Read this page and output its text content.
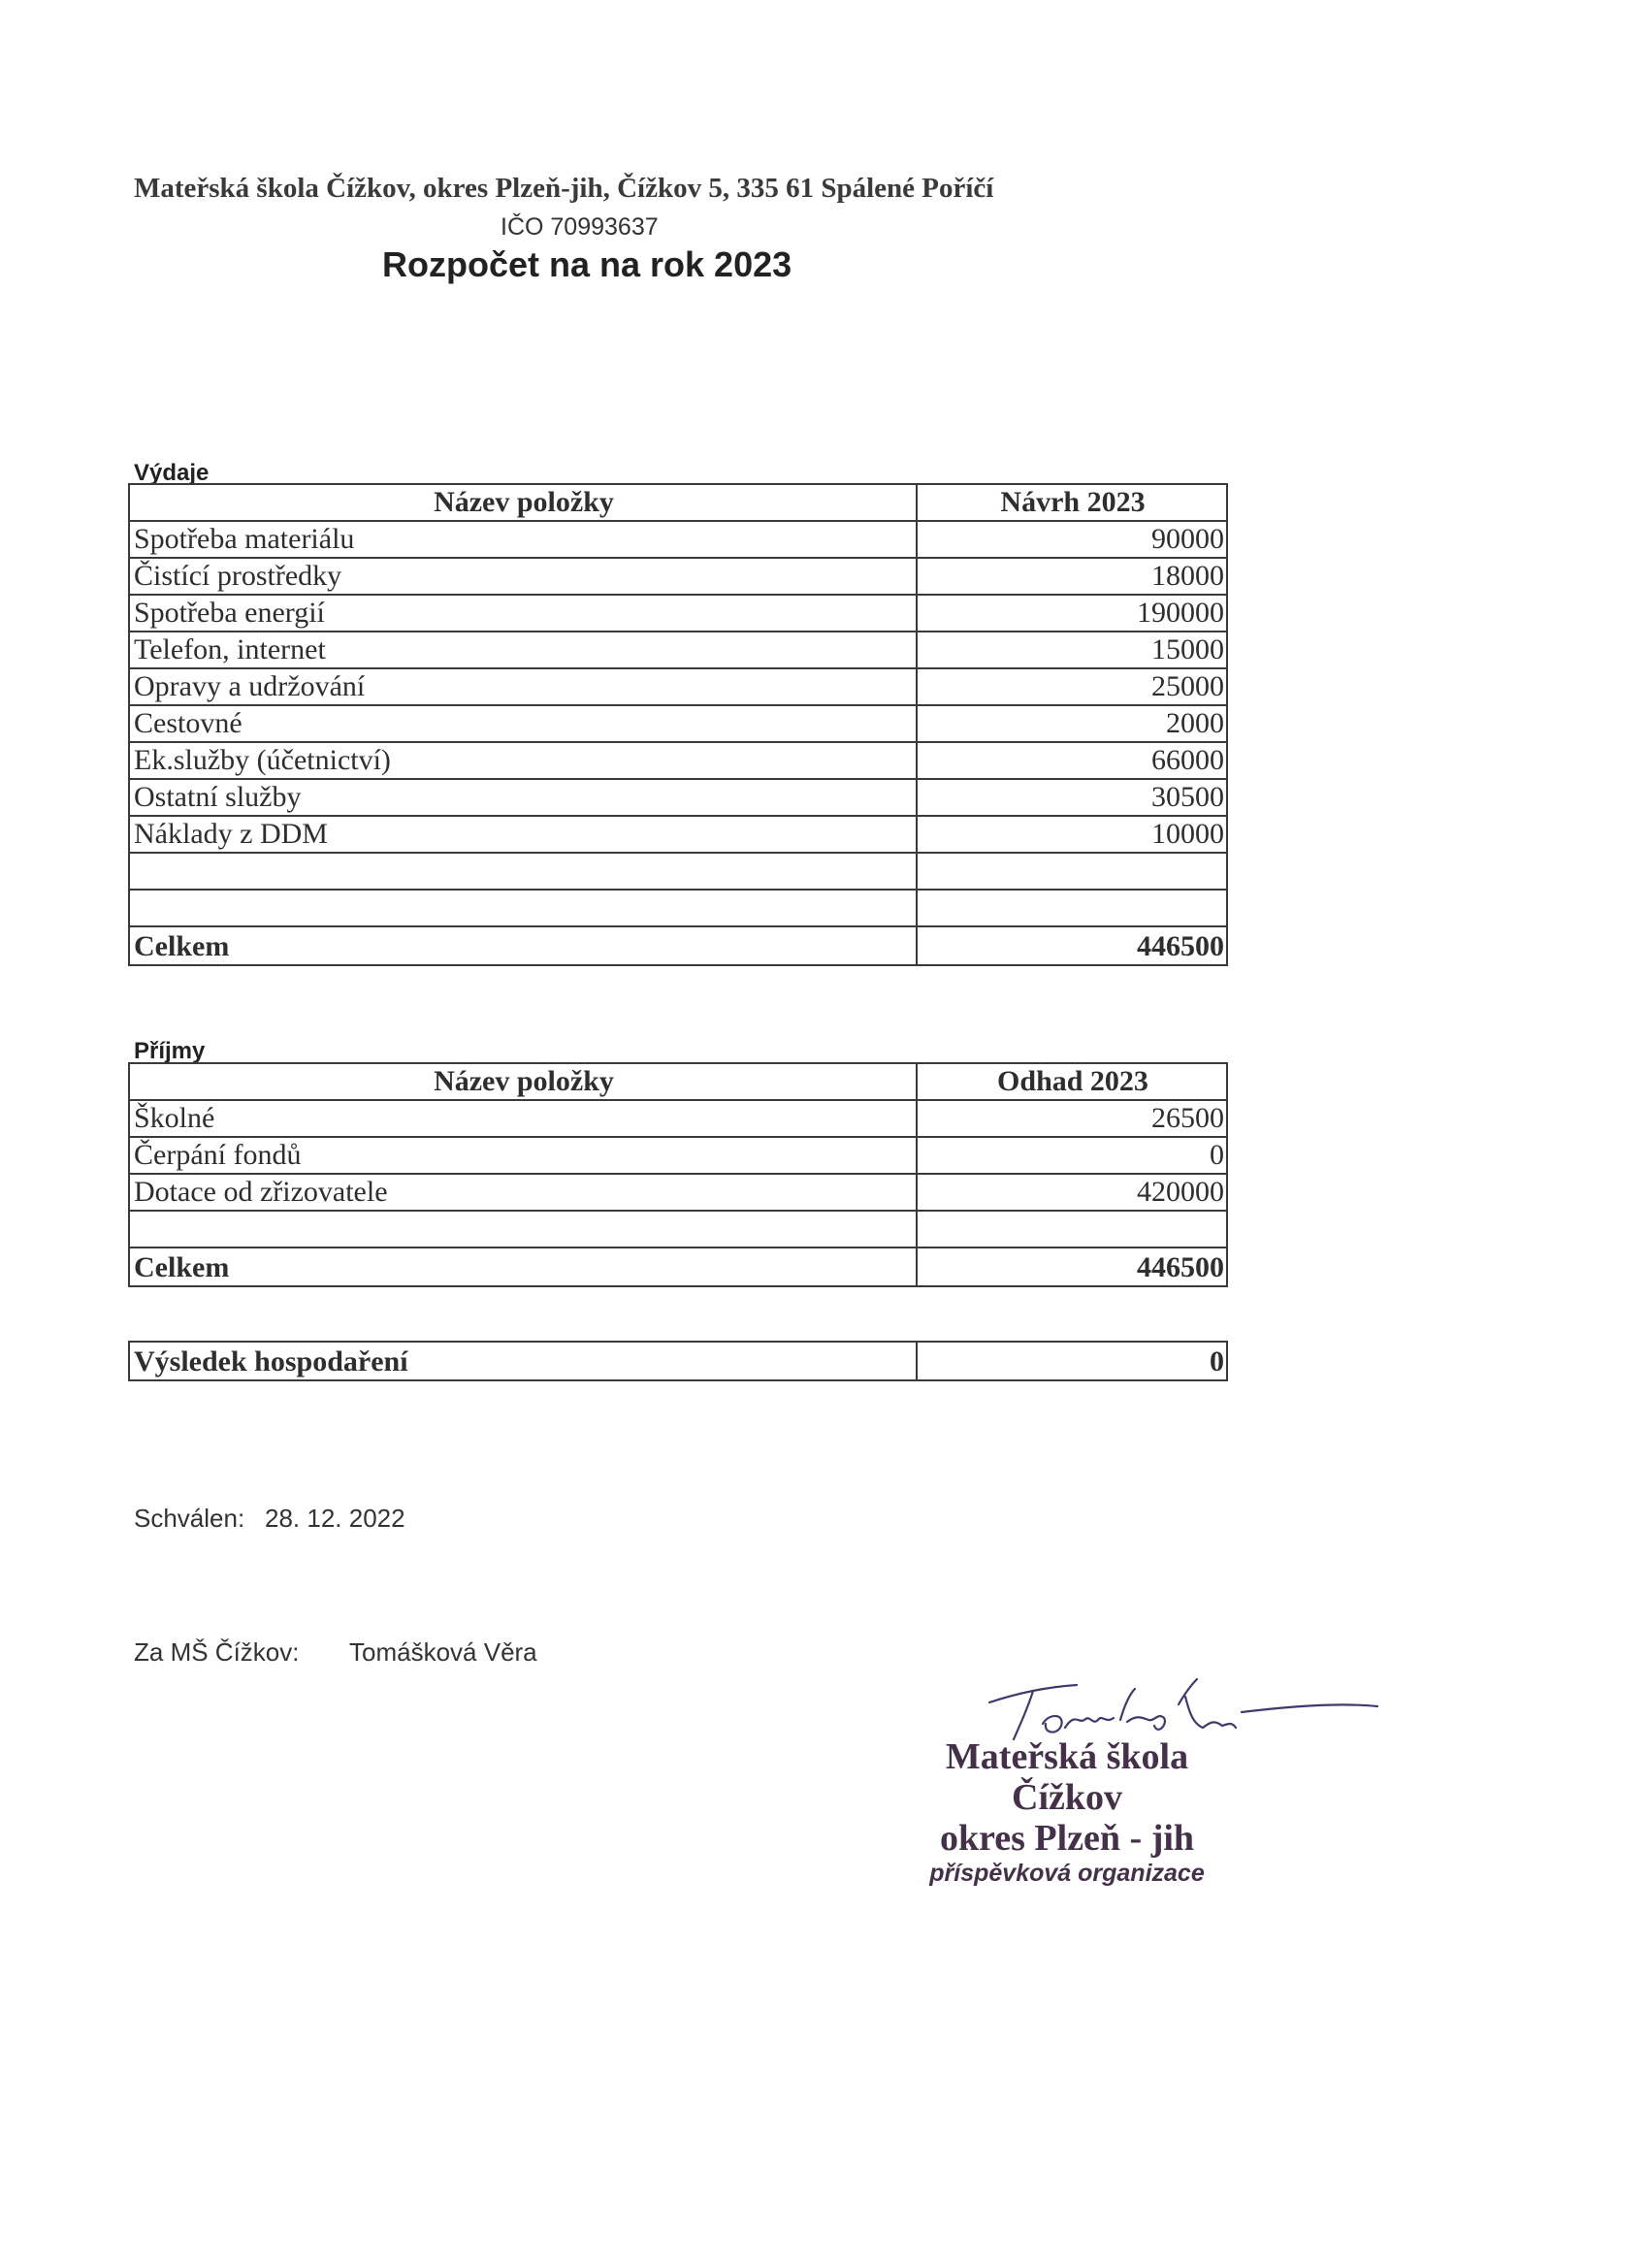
Mateřská škola Čížkov, okres Plzeň-jih, Čížkov 5, 335 61 Spálené Poříčí
IČO 70993637
Rozpočet na na rok 2023
Výdaje
Název položky	Návrh 2023
Spotřeba materiálu	90000
Čistící prostředky	18000
Spotřeba energií	190000
Telefon, internet	15000
Opravy a udržování	25000
Cestovné	2000
Ek.služby (účetnictví)	66000
Ostatní služby	30500
Náklady z DDM	10000

Celkem	446500
Příjmy
Název položky	Odhad 2023
Školné	26500
Čerpání fondů	0
Dotace od zřizovatele	420000

Celkem	446500
Výsledek hospodaření	0
Schválen: 28. 12. 2022
Za MŠ Čížkov: Tomášková Věra
Mateřská škola
Čížkov
okres Plzeň - jih
příspěvková organizace
